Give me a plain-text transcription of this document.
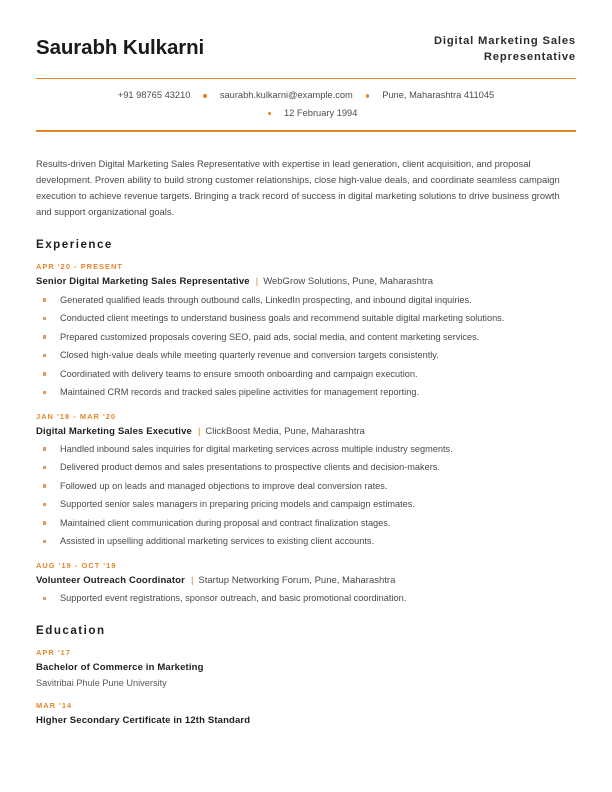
Saurabh Kulkarni	Digital Marketing Sales Representative
+91 98765 43210	saurabh.kulkarni@example.com	Pune, Maharashtra 411045
12 February 1994
Results-driven Digital Marketing Sales Representative with expertise in lead generation, client acquisition, and proposal development. Proven ability to build strong customer relationships, close high-value deals, and coordinate seamless campaign execution to achieve revenue targets. Bringing a track record of success in digital marketing solutions to drive business growth and support organizational goals.
Experience
APR '20 - PRESENT
Senior Digital Marketing Sales Representative | WebGrow Solutions, Pune, Maharashtra
Generated qualified leads through outbound calls, LinkedIn prospecting, and inbound digital inquiries.
Conducted client meetings to understand business goals and recommend suitable digital marketing solutions.
Prepared customized proposals covering SEO, paid ads, social media, and content marketing services.
Closed high-value deals while meeting quarterly revenue and conversion targets consistently.
Coordinated with delivery teams to ensure smooth onboarding and campaign execution.
Maintained CRM records and tracked sales pipeline activities for management reporting.
JAN '18 - MAR '20
Digital Marketing Sales Executive | ClickBoost Media, Pune, Maharashtra
Handled inbound sales inquiries for digital marketing services across multiple industry segments.
Delivered product demos and sales presentations to prospective clients and decision-makers.
Followed up on leads and managed objections to improve deal conversion rates.
Supported senior sales managers in preparing pricing models and campaign estimates.
Maintained client communication during proposal and contract finalization stages.
Assisted in upselling additional marketing services to existing client accounts.
AUG '19 - OCT '19
Volunteer Outreach Coordinator | Startup Networking Forum, Pune, Maharashtra
Supported event registrations, sponsor outreach, and basic promotional coordination.
Education
APR '17
Bachelor of Commerce in Marketing
Savitribai Phule Pune University
MAR '14
Higher Secondary Certificate in 12th Standard
